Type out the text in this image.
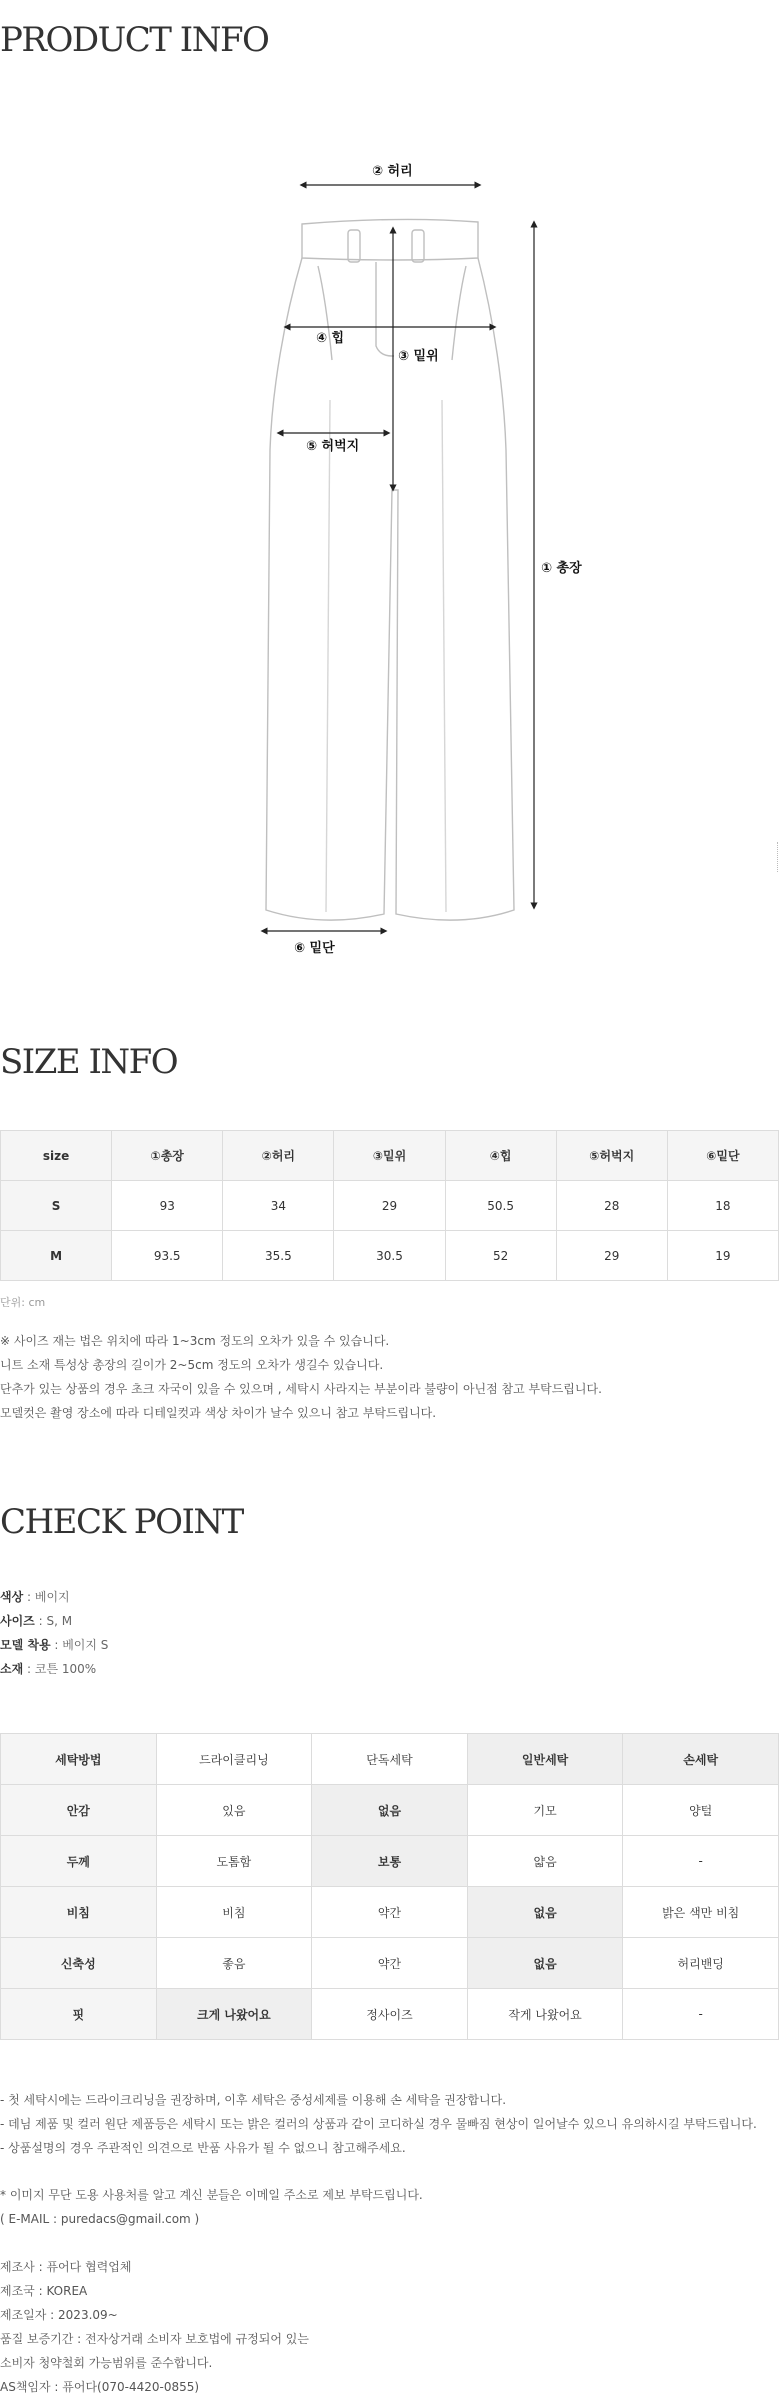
PRODUCT INFO
② 허리
④ 힙
③ 밑위
⑤ 허벅지
① 총장
⑥ 밑단
SIZE INFO
size	①총장	②허리	③밑위	④힙	⑤허벅지	⑥밑단
S	93	34	29	50.5	28	18
M	93.5	35.5	30.5	52	29	19
단위: cm
※ 사이즈 재는 법은 위치에 따라 1~3cm 정도의 오차가 있을 수 있습니다.
니트 소재 특성상 총장의 길이가 2~5cm 정도의 오차가 생길수 있습니다.
단추가 있는 상품의 경우 초크 자국이 있을 수 있으며 , 세탁시 사라지는 부분이라 불량이 아닌점 참고 부탁드립니다.
모델컷은 촬영 장소에 따라 디테일컷과 색상 차이가 날수 있으니 참고 부탁드립니다.
CHECK POINT
색상 : 베이지
사이즈 : S, M
모델 착용 : 베이지 S
소재 : 코튼 100%
세탁방법	드라이클리닝	단독세탁	일반세탁	손세탁
안감	있음	없음	기모	양털
두께	도톰함	보통	얇음	-
비침	비침	약간	없음	밝은 색만 비침
신축성	좋음	약간	없음	허리밴딩
핏	크게 나왔어요	정사이즈	작게 나왔어요	-
- 첫 세탁시에는 드라이크리닝을 권장하며, 이후 세탁은 중성세제를 이용해 손 세탁을 권장합니다.
- 데님 제품 및 컬러 원단 제품등은 세탁시 또는 밝은 컬러의 상품과 같이 코디하실 경우 물빠짐 현상이 일어날수 있으니 유의하시길 부탁드립니다.
- 상품설명의 경우 주관적인 의견으로 반품 사유가 될 수 없으니 참고해주세요.
* 이미지 무단 도용 사용처를 알고 계신 분들은 이메일 주소로 제보 부탁드립니다.
( E-MAIL : puredacs@gmail.com )
제조사 : 퓨어다 협력업체
제조국 : KOREA
제조일자 : 2023.09~
품질 보증기간 : 전자상거래 소비자 보호법에 규정되어 있는
소비자 청약철회 가능범위를 준수합니다.
AS책임자 : 퓨어다(070-4420-0855)
